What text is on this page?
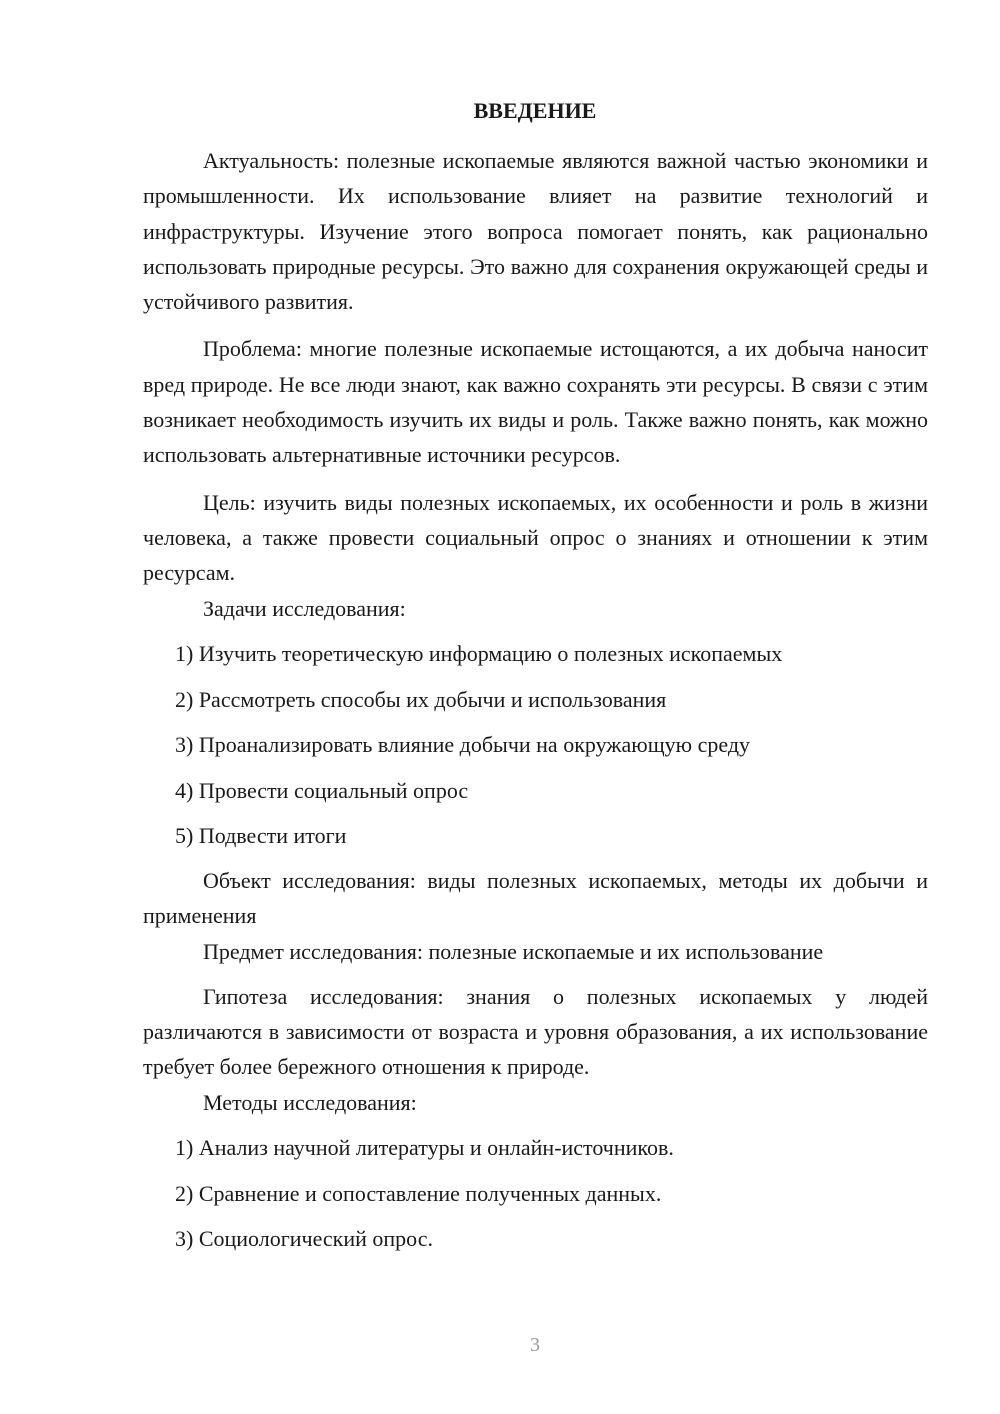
ВВЕДЕНИЕ

Актуальность: полезные ископаемые являются важной частью экономики и промышленности. Их использование влияет на развитие технологий и инфраструктуры. Изучение этого вопроса помогает понять, как рационально использовать природные ресурсы. Это важно для сохранения окружающей среды и устойчивого развития.

Проблема: многие полезные ископаемые истощаются, а их добыча наносит вред природе. Не все люди знают, как важно сохранять эти ресурсы. В связи с этим возникает необходимость изучить их виды и роль. Также важно понять, как можно использовать альтернативные источники ресурсов.

Цель: изучить виды полезных ископаемых, их особенности и роль в жизни человека, а также провести социальный опрос о знаниях и отношении к этим ресурсам.

Задачи исследования:

1) Изучить теоретическую информацию о полезных ископаемых

2) Рассмотреть способы их добычи и использования

3) Проанализировать влияние добычи на окружающую среду

4) Провести социальный опрос

5) Подвести итоги

Объект исследования: виды полезных ископаемых, методы их добычи и применения

Предмет исследования: полезные ископаемые и их использование

Гипотеза исследования: знания о полезных ископаемых у людей различаются в зависимости от возраста и уровня образования, а их использование требует более бережного отношения к природе.

Методы исследования:

1) Анализ научной литературы и онлайн-источников.

2) Сравнение и сопоставление полученных данных.

3) Социологический опрос.

3
